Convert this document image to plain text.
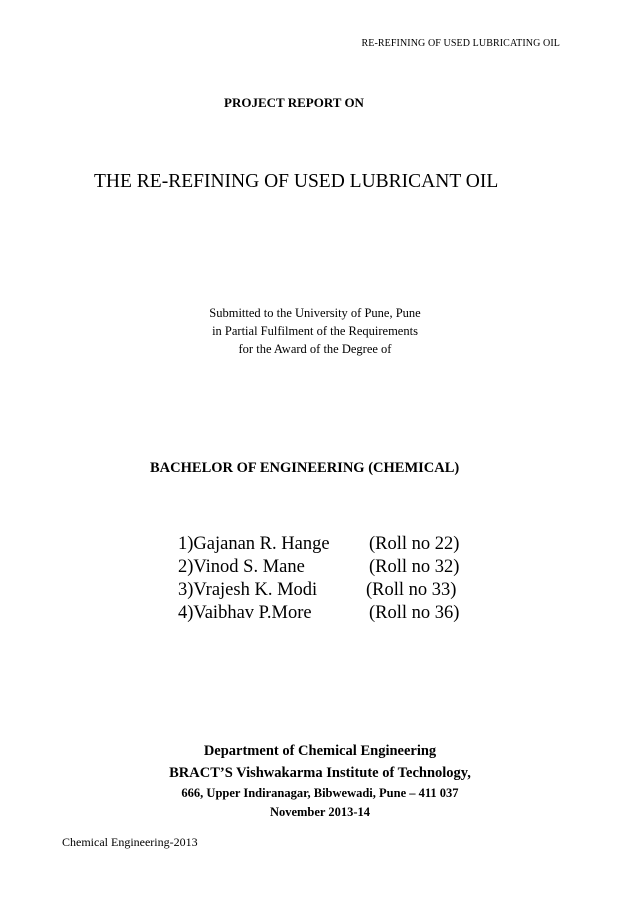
RE-REFINING OF USED LUBRICATING OIL
PROJECT REPORT ON
THE RE-REFINING OF USED LUBRICANT OIL
Submitted to the University of Pune, Pune
in Partial Fulfilment of the Requirements
for the Award of the Degree of
BACHELOR OF ENGINEERING (CHEMICAL)
1)Gajanan R. Hange (Roll no 22)
2)Vinod S. Mane	(Roll no 32)
3)Vrajesh K. Modi	(Roll no 33)
4)Vaibhav P.More	(Roll no 36)
Department of Chemical Engineering
BRACT’S Vishwakarma Institute of Technology,
666, Upper Indiranagar, Bibwewadi, Pune – 411 037
November 2013-14
Chemical Engineering-2013
